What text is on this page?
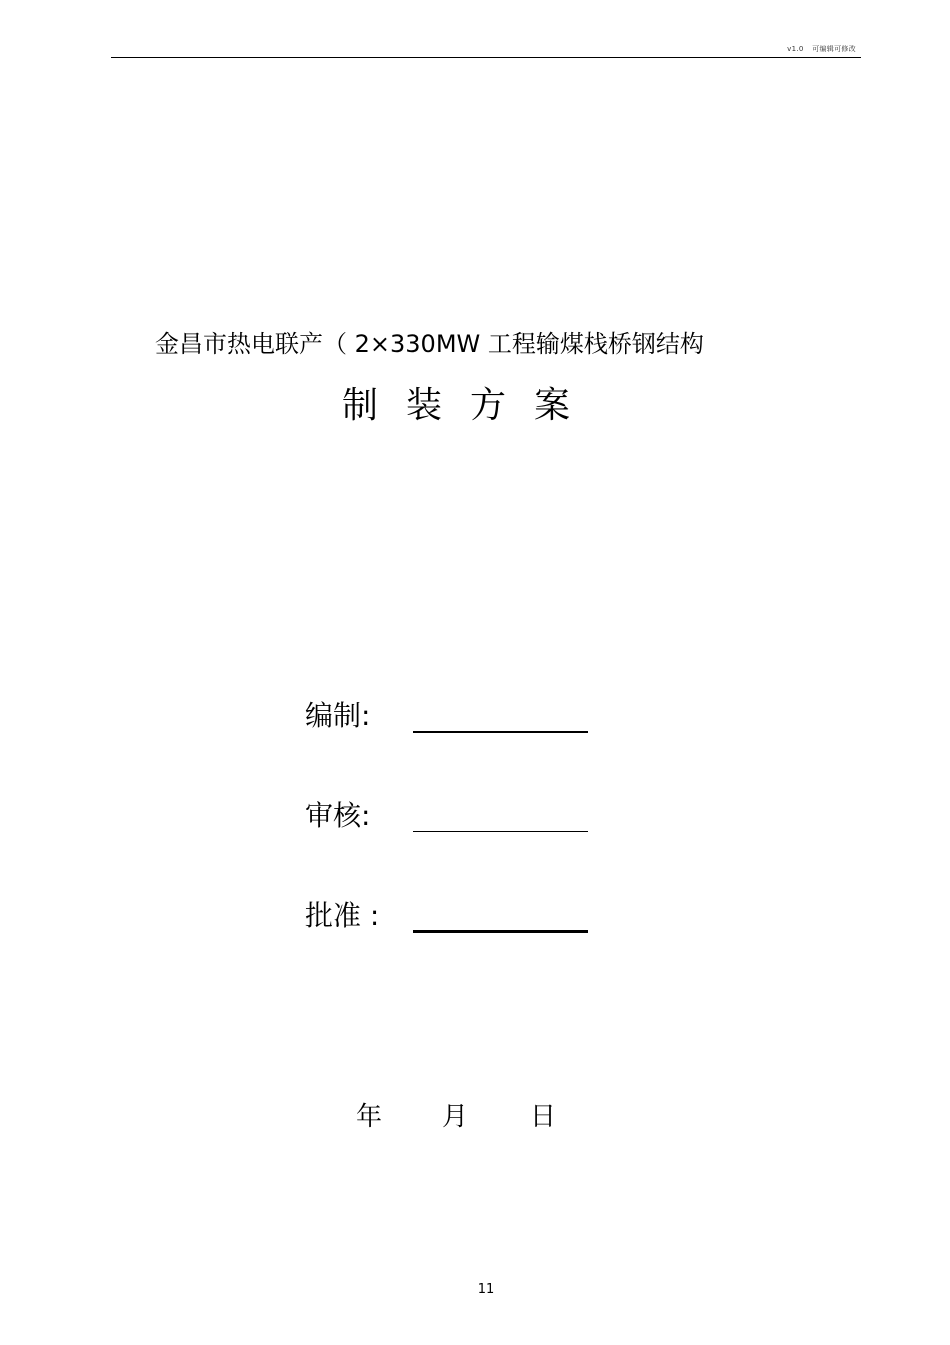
v1.0 可编辑可修改
金昌市热电联产（ 2×330MW 工程输煤栈桥钢结构
制装方案
编制:
审核:
批准 :
年 月 日
11
